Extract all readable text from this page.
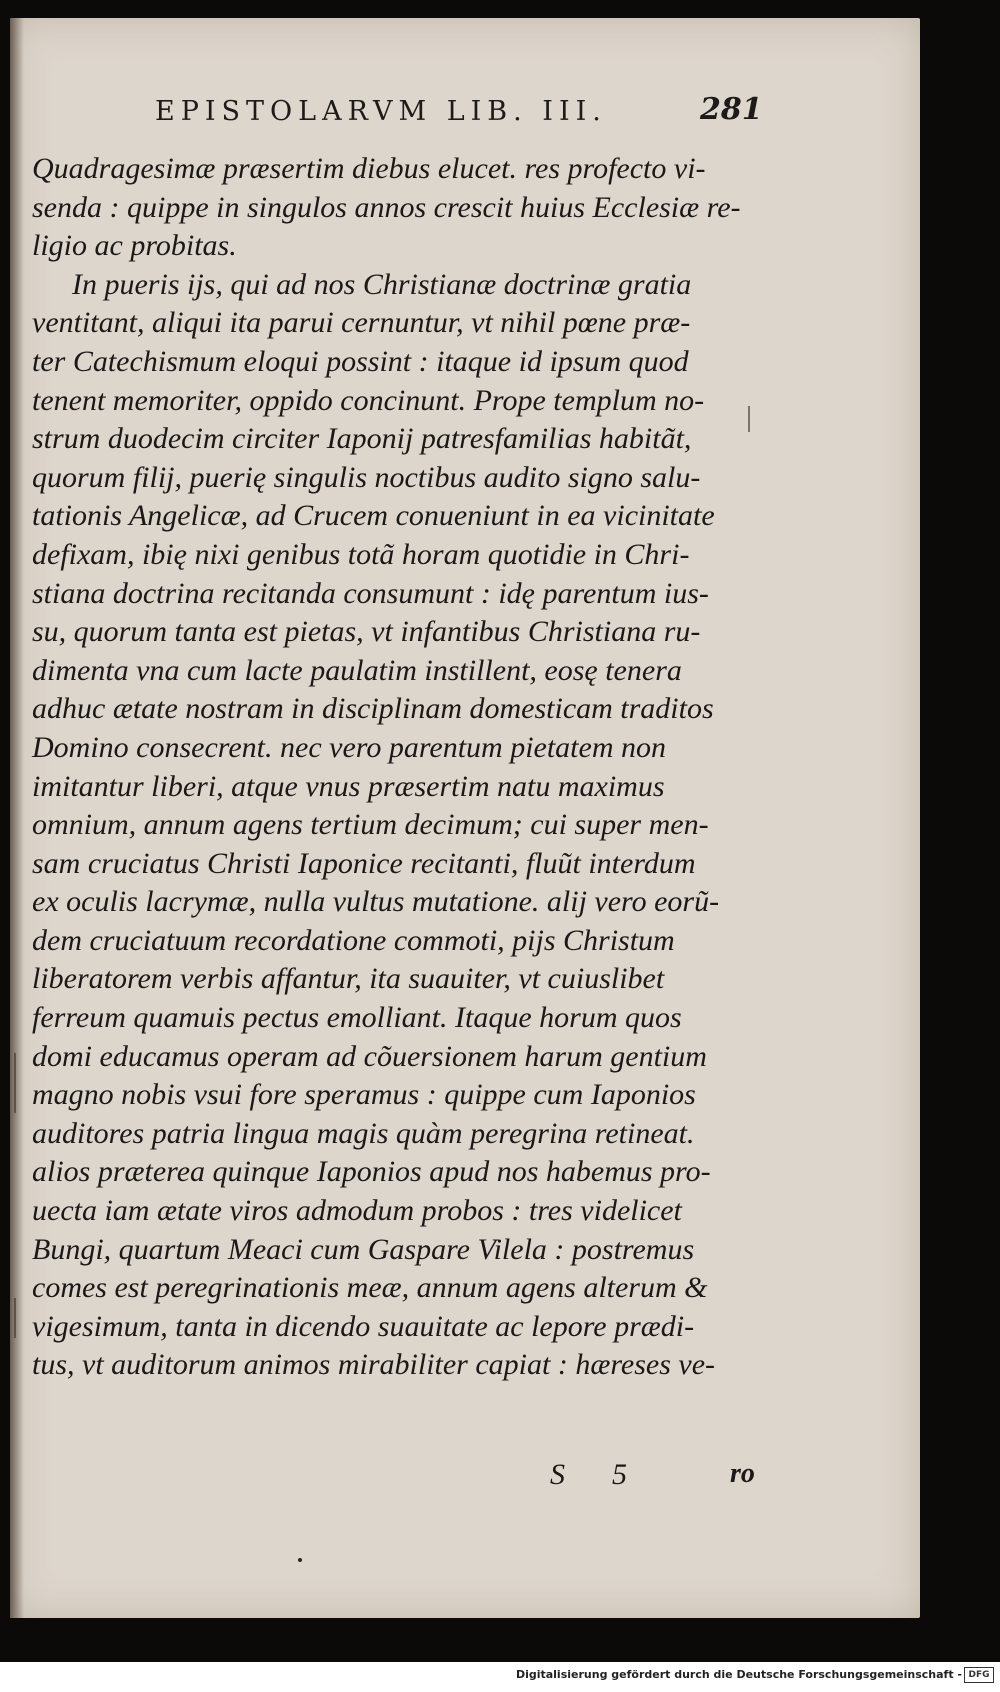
EPISTOLARVM LIB. III.	281
Quadragesimæ præsertim diebus elucet. res profecto vi-
senda : quippe in singulos annos crescit huius Ecclesiæ re-
ligio ac probitas.
In pueris ijs, qui ad nos Christianæ doctrinæ gratia
ventitant, aliqui ita parui cernuntur, vt nihil pœne præ-
ter Catechismum eloqui possint : itaque id ipsum quod
tenent memoriter, oppido concinunt. Prope templum no-
strum duodecim circiter Iaponij patresfamilias habitãt,
quorum filij, puerię singulis noctibus audito signo salu-
tationis Angelicæ, ad Crucem conueniunt in ea vicinitate
defixam, ibię nixi genibus totã horam quotidie in Chri-
stiana doctrina recitanda consumunt : idę parentum ius-
su, quorum tanta est pietas, vt infantibus Christiana ru-
dimenta vna cum lacte paulatim instillent, eosę tenera
adhuc ætate nostram in disciplinam domesticam traditos
Domino consecrent. nec vero parentum pietatem non
imitantur liberi, atque vnus præsertim natu maximus
omnium, annum agens tertium decimum; cui super men-
sam cruciatus Christi Iaponice recitanti, fluũt interdum
ex oculis lacrymæ, nulla vultus mutatione. alij vero eorũ-
dem cruciatuum recordatione commoti, pijs Christum
liberatorem verbis affantur, ita suauiter, vt cuiuslibet
ferreum quamuis pectus emolliant. Itaque horum quos
domi educamus operam ad cõuersionem harum gentium
magno nobis vsui fore speramus : quippe cum Iaponios
auditores patria lingua magis quàm peregrina retineat.
alios præterea quinque Iaponios apud nos habemus pro-
uecta iam ætate viros admodum probos : tres videlicet
Bungi, quartum Meaci cum Gaspare Vilela : postremus
comes est peregrinationis meæ, annum agens alterum &
vigesimum, tanta in dicendo suauitate ac lepore prædi-
tus, vt auditorum animos mirabiliter capiat : hæreses ve-
S 5	ro
Digitalisierung gefördert durch die Deutsche Forschungsgemeinschaft - DFG
